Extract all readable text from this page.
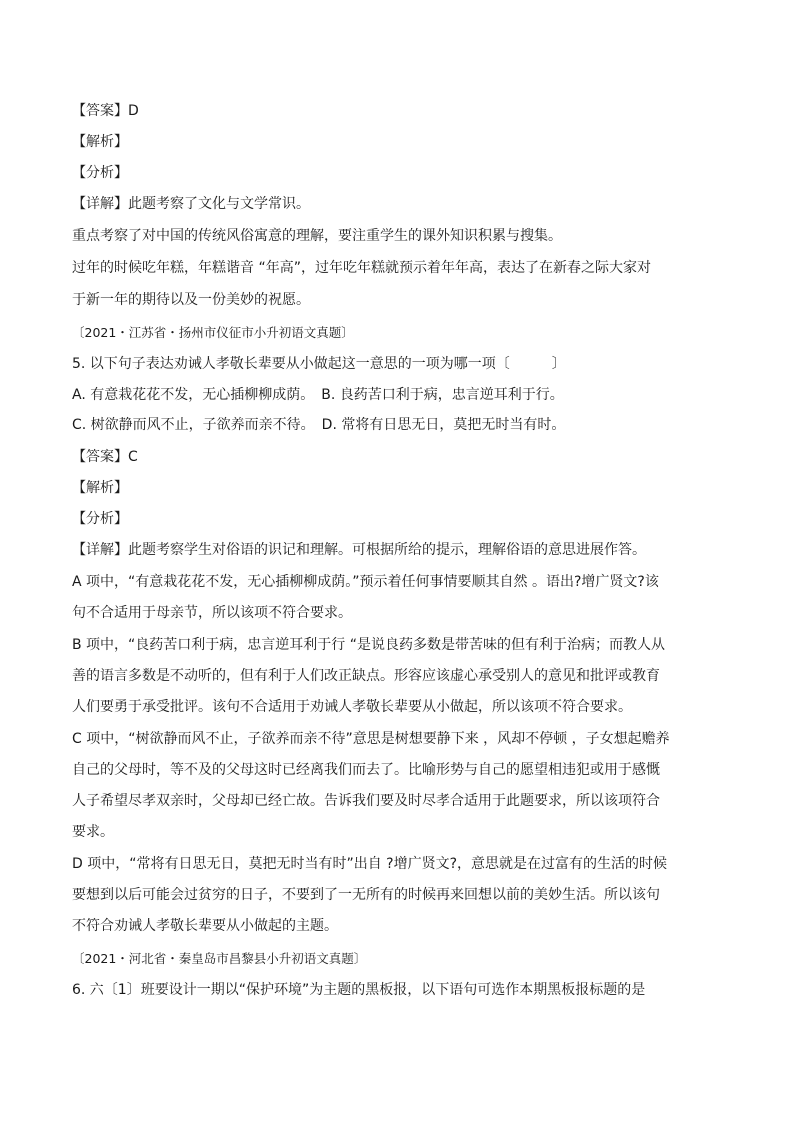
【答案】D
【解析】
【分析】
【详解】此题考察了文化与文学常识。
重点考察了对中国的传统风俗寓意的理解，要注重学生的课外知识积累与搜集。
过年的时候吃年糕，年糕谐音 “年高”，过年吃年糕就预示着年年高，表达了在新春之际大家对
于新一年的期待以及一份美妙的祝愿。
〔2021・江苏省・扬州市仪征市小升初语文真题〕
5. 以下句子表达劝诫人孝敬长辈要从小做起这一意思的一项为哪一项〔　　　〕
A. 有意栽花花不发，无心插柳柳成荫。　B. 良药苦口利于病，忠言逆耳利于行。
C. 树欲静而风不止，子欲养而亲不待。　D. 常将有日思无日，莫把无时当有时。
【答案】C
【解析】
【分析】
【详解】此题考察学生对俗语的识记和理解。可根据所给的提示，理解俗语的意思进展作答。
A 项中，“有意栽花花不发，无心插柳柳成荫。”预示着任何事情要顺其自然 。语出?增广贤文?该
句不合适用于母亲节，所以该项不符合要求。
B 项中，“良药苦口利于病，忠言逆耳利于行 “是说良药多数是带苦味的但有利于治病；而教人从
善的语言多数是不动听的，但有利于人们改正缺点。形容应该虚心承受别人的意见和批评或教育
人们要勇于承受批评。该句不合适用于劝诫人孝敬长辈要从小做起，所以该项不符合要求。
C 项中，“树欲静而风不止，子欲养而亲不待”意思是树想要静下来 ，风却不停顿 ，子女想起赡养
自己的父母时，等不及的父母这时已经离我们而去了。比喻形势与自己的愿望相违犯或用于感慨
人子希望尽孝双亲时，父母却已经亡故。告诉我们要及时尽孝合适用于此题要求，所以该项符合
要求。
D 项中，“常将有日思无日，莫把无时当有时”出自 ?增广贤文?，意思就是在过富有的生活的时候
要想到以后可能会过贫穷的日子，不要到了一无所有的时候再来回想以前的美妙生活。所以该句
不符合劝诫人孝敬长辈要从小做起的主题。
〔2021・河北省・秦皇岛市昌黎县小升初语文真题〕
6. 六〔1〕班要设计一期以“保护环境”为主题的黑板报，以下语句可选作本期黑板报标题的是
